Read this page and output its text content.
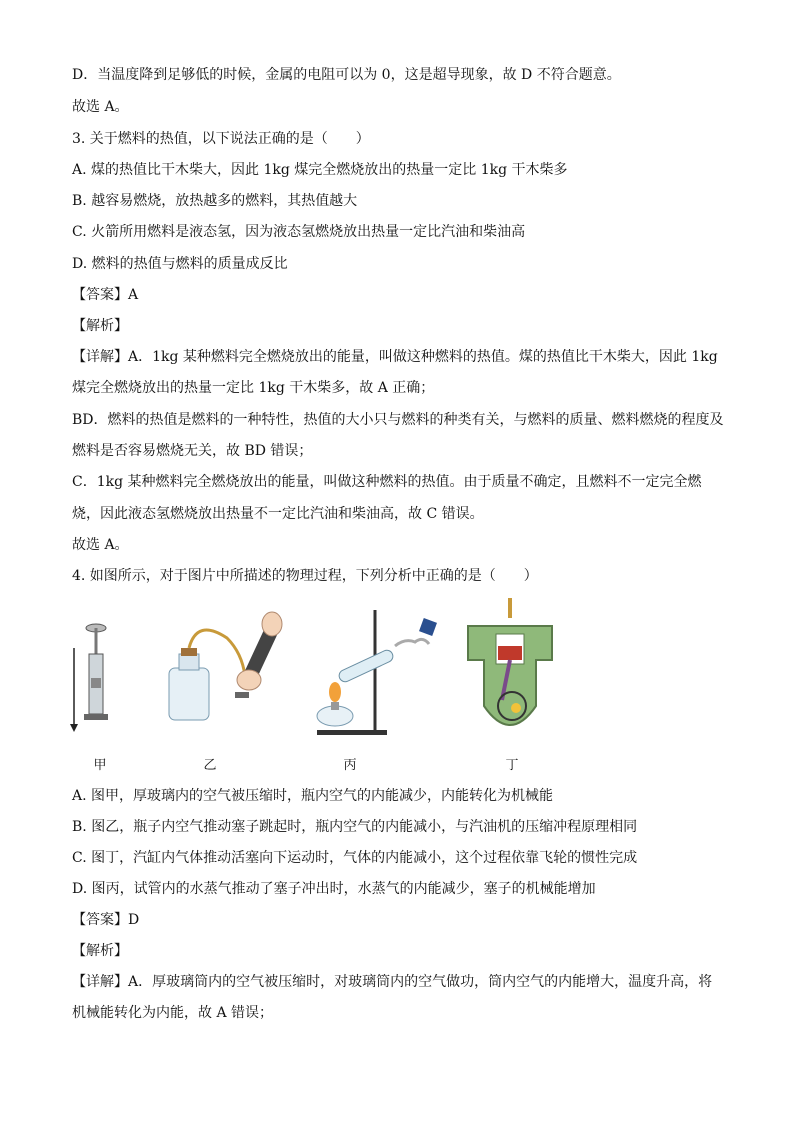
D．当温度降到足够低的时候，金属的电阻可以为 0，这是超导现象，故 D 不符合题意。
故选 A。
3. 关于燃料的热值，以下说法正确的是（　　）
A. 煤的热值比干木柴大，因此 1kg 煤完全燃烧放出的热量一定比 1kg 干木柴多
B. 越容易燃烧，放热越多的燃料，其热值越大
C. 火箭所用燃料是液态氢，因为液态氢燃烧放出热量一定比汽油和柴油高
D. 燃料的热值与燃料的质量成反比
【答案】A
【解析】
【详解】A．1kg 某种燃料完全燃烧放出的能量，叫做这种燃料的热值。煤的热值比干木柴大，因此 1kg
煤完全燃烧放出的热量一定比 1kg 干木柴多，故 A 正确；
BD．燃料的热值是燃料的一种特性，热值的大小只与燃料的种类有关，与燃料的质量、燃料燃烧的程度及
燃料是否容易燃烧无关，故 BD 错误；
C．1kg 某种燃料完全燃烧放出的能量，叫做这种燃料的热值。由于质量不确定，且燃料不一定完全燃
烧，因此液态氢燃烧放出热量不一定比汽油和柴油高，故 C 错误。
故选 A。
4. 如图所示，对于图片中所描述的物理过程，下列分析中正确的是（　　）
甲	乙	丙	丁
A. 图甲，厚玻璃内的空气被压缩时，瓶内空气的内能减少，内能转化为机械能
B. 图乙，瓶子内空气推动塞子跳起时，瓶内空气的内能减小，与汽油机的压缩冲程原理相同
C. 图丁，汽缸内气体推动活塞向下运动时，气体的内能减小，这个过程依靠飞轮的惯性完成
D. 图丙，试管内的水蒸气推动了塞子冲出时，水蒸气的内能减少，塞子的机械能增加
【答案】D
【解析】
【详解】A．厚玻璃筒内的空气被压缩时，对玻璃筒内的空气做功，筒内空气的内能增大，温度升高，将
机械能转化为内能，故 A 错误；
